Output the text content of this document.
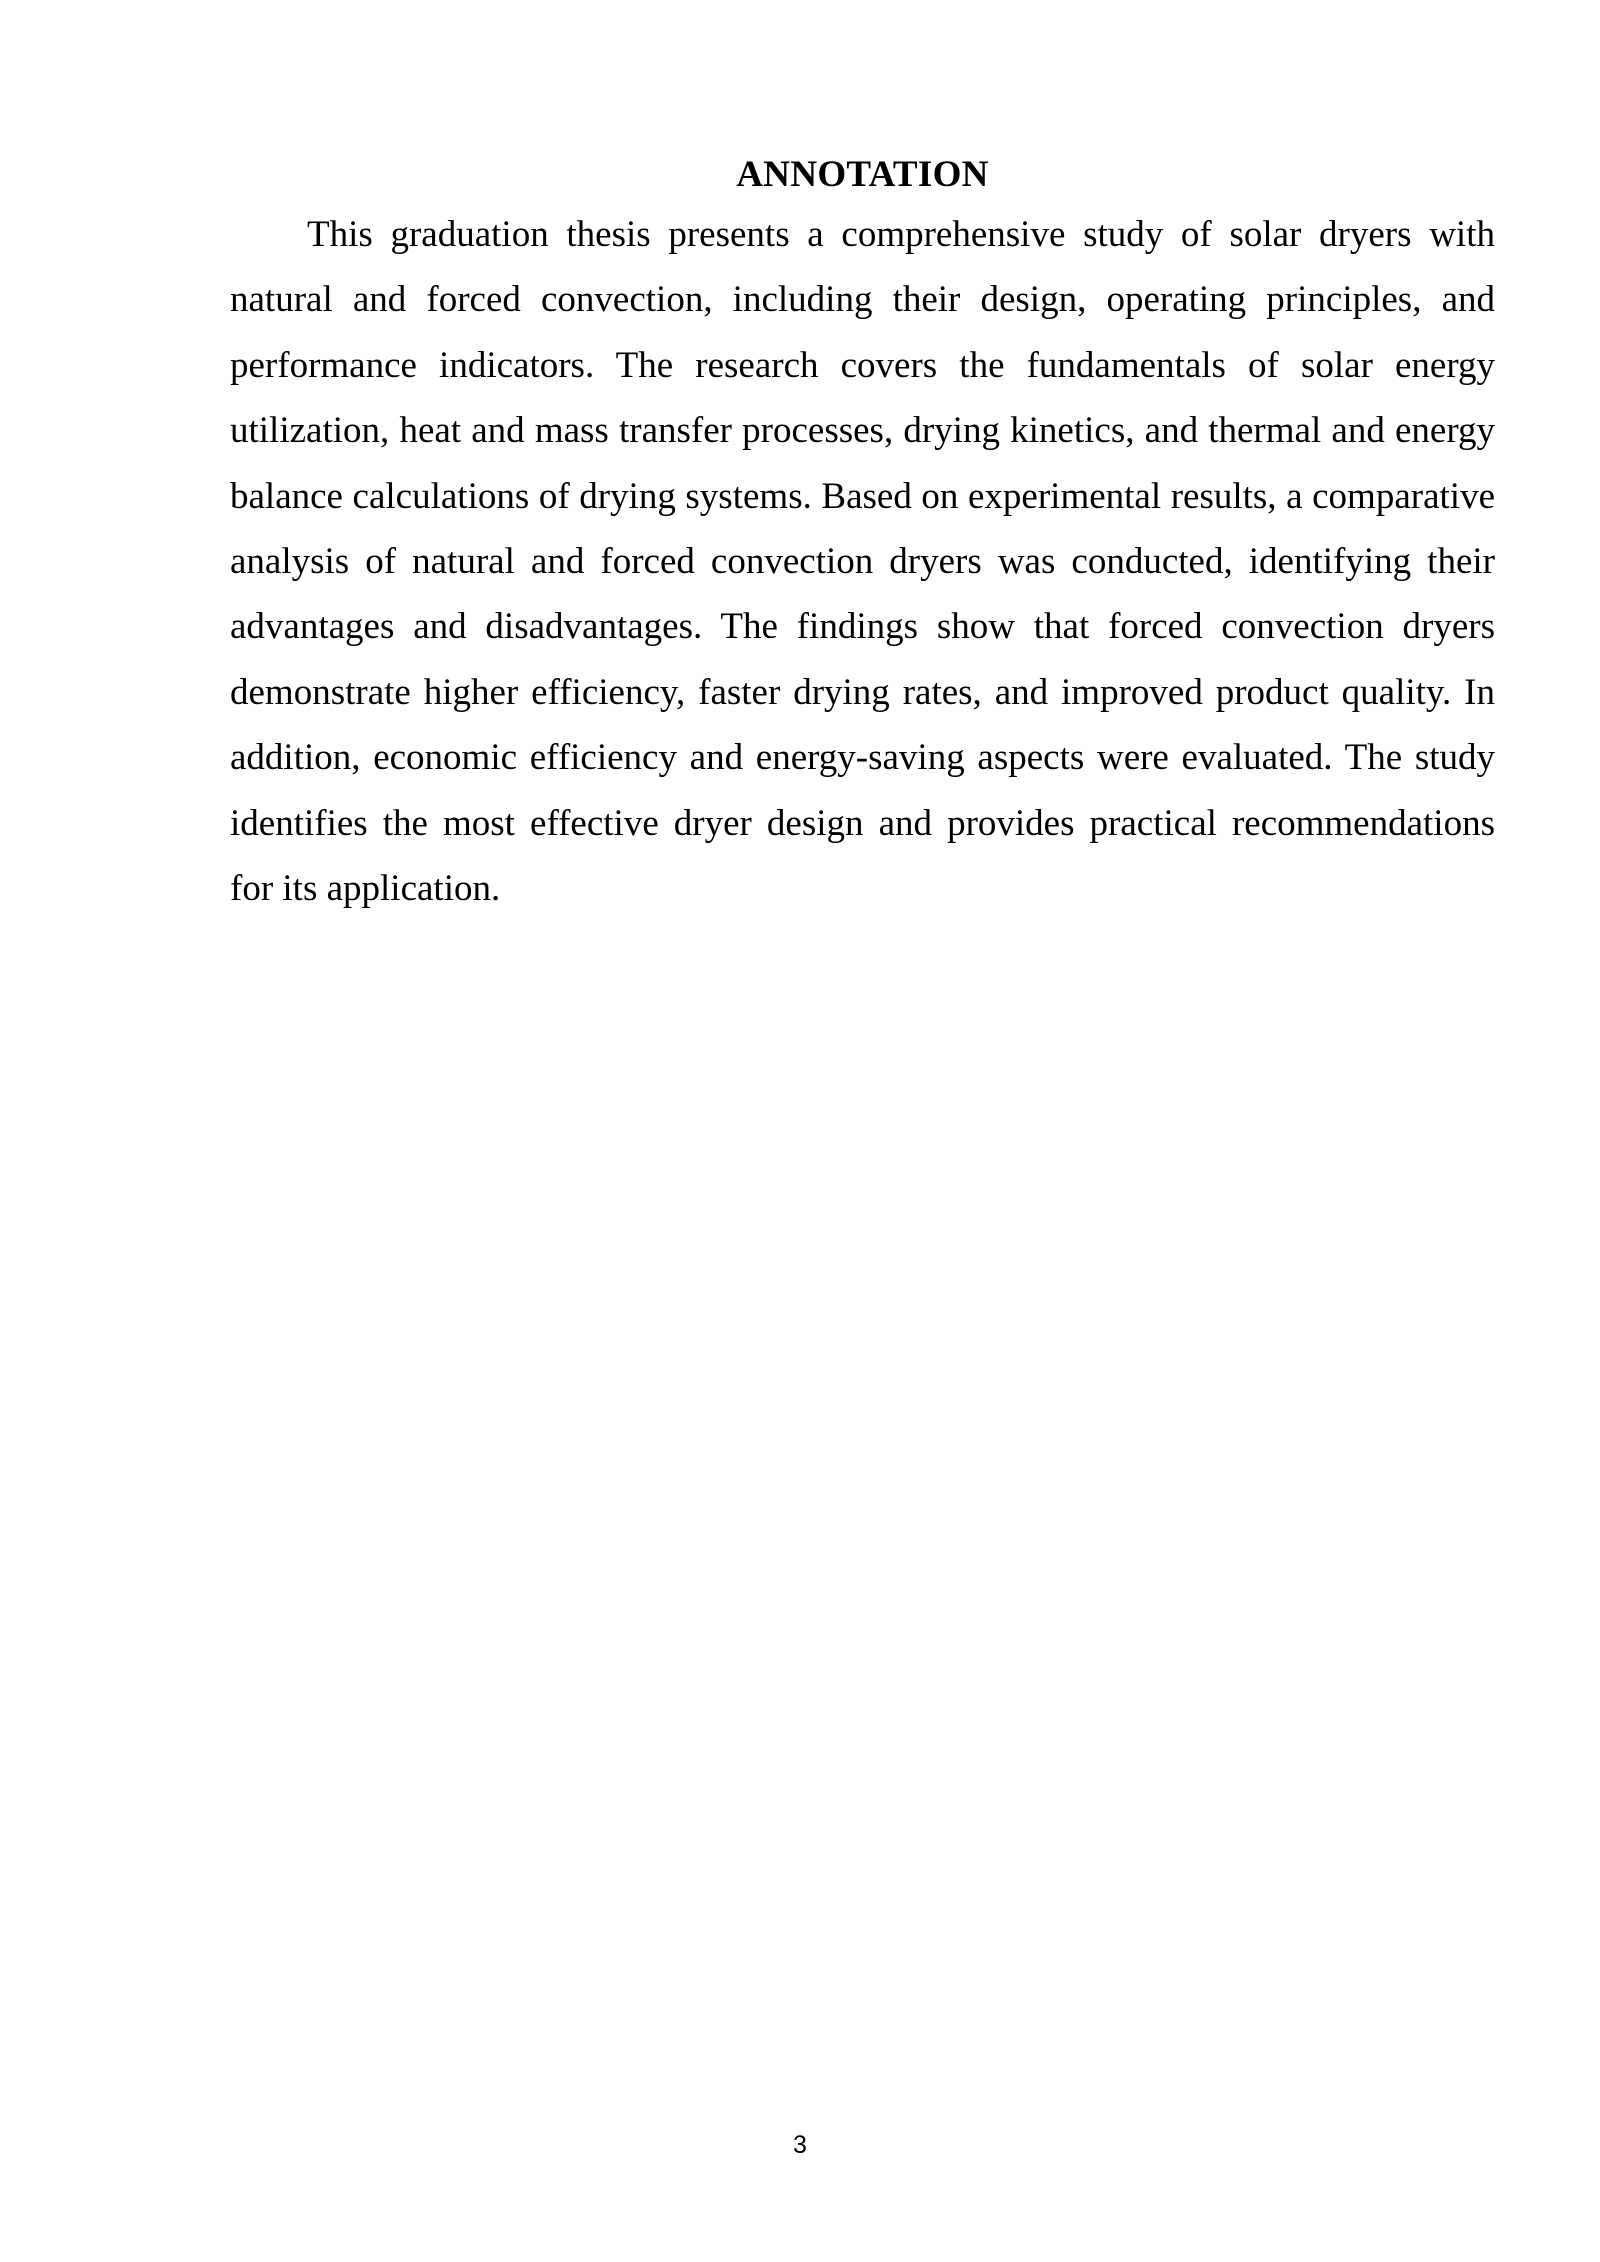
ANNOTATION

This graduation thesis presents a comprehensive study of solar dryers with natural and forced convection, including their design, operating principles, and performance indicators. The research covers the fundamentals of solar energy utilization, heat and mass transfer processes, drying kinetics, and thermal and energy balance calculations of drying systems. Based on experimental results, a comparative analysis of natural and forced convection dryers was conducted, identifying their advantages and disadvantages. The findings show that forced convection dryers demonstrate higher efficiency, faster drying rates, and improved product quality. In addition, economic efficiency and energy-saving aspects were evaluated. The study identifies the most effective dryer design and provides practical recommendations for its application.

3
